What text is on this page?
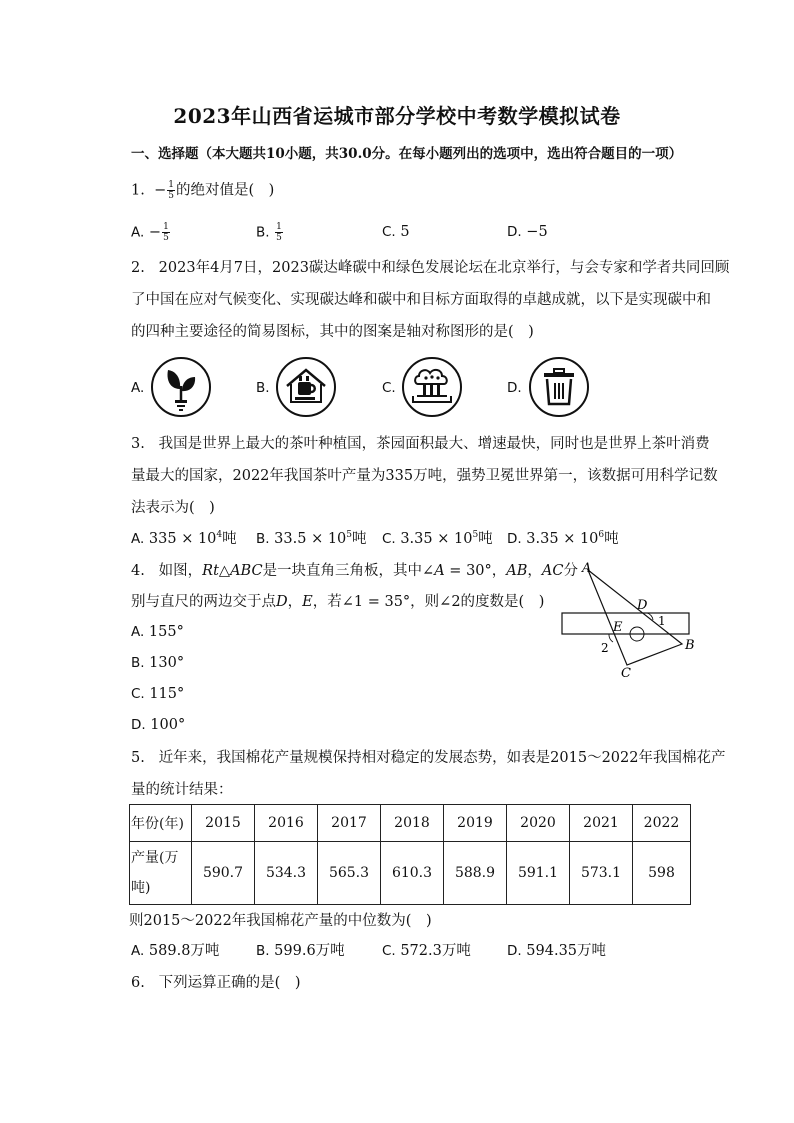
2023年山西省运城市部分学校中考数学模拟试卷
一、选择题（本大题共10小题，共30.0分。在每小题列出的选项中，选出符合题目的一项）
1. − $\frac{1}{5}$ 的绝对值是(　)
A. − $\frac{1}{5}$	B. $\frac{1}{5}$	C. 5	D. −5
2. 2023年4月7日，2023碳达峰碳中和绿色发展论坛在北京举行，与会专家和学者共同回顾
了中国在应对气候变化、实现碳达峰和碳中和目标方面取得的卓越成就，以下是实现碳中和
的四种主要途径的简易图标，其中的图案是轴对称图形的是(　)
A.	B.	C.	D.
3. 我国是世界上最大的茶叶种植国，茶园面积最大、增速最快，同时也是世界上茶叶消费
量最大的国家，2022年我国茶叶产量为335万吨，强势卫冕世界第一，该数据可用科学记数
法表示为(　)
A. $335 \times 10^4$吨 B. $33.5 \times 10^5$吨 C. $3.35 \times 10^5$吨 D. $3.35 \times 10^6$吨
4. 如图，Rt△ABC是一块直角三角板，其中∠A = 30°，AB，AC分
别与直尺的两边交于点D，E，若∠1 = 35°，则∠2的度数是(　)
A. 155°
B. 130°
C. 115°
D. 100°
A
B
C
D
E	1
2
5. 近年来，我国棉花产量规模保持相对稳定的发展态势，如表是2015～2022年我国棉花产
量的统计结果：
年份(年)	2015	2016	2017	2018	2019	2020	2021	2022
产量(万
吨)	590.7	534.3	565.3	610.3	588.9	591.1	573.1	598
则2015～2022年我国棉花产量的中位数为(　)
A. 589.8万吨	B. 599.6万吨	C. 572.3万吨	D. 594.35万吨
6. 下列运算正确的是(　)
